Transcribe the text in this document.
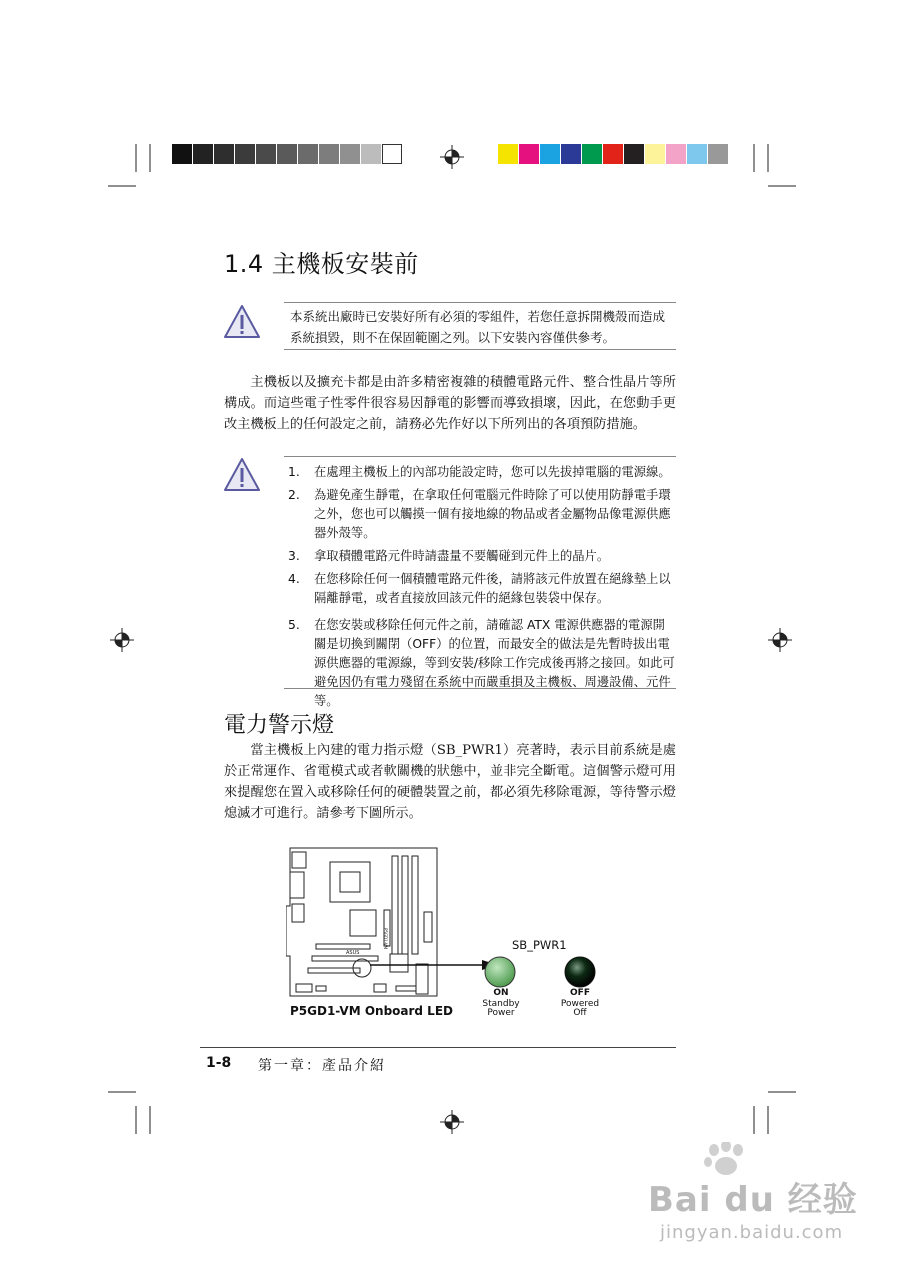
1.4 主機板安裝前
本系統出廠時已安裝好所有必須的零組件，若您任意拆開機殼而造成系統損毀，則不在保固範圍之列。以下安裝內容僅供參考。

主機板以及擴充卡都是由許多精密複雜的積體電路元件、整合性晶片等所構成。而這些電子性零件很容易因靜電的影響而導致損壞，因此，在您動手更改主機板上的任何設定之前，請務必先作好以下所列出的各項預防措施。

1. 在處理主機板上的內部功能設定時，您可以先拔掉電腦的電源線。
2. 為避免產生靜電，在拿取任何電腦元件時除了可以使用防靜電手環之外，您也可以觸摸一個有接地線的物品或者金屬物品像電源供應器外殼等。
3. 拿取積體電路元件時請盡量不要觸碰到元件上的晶片。
4. 在您移除任何一個積體電路元件後，請將該元件放置在絕緣墊上以隔離靜電，或者直接放回該元件的絕緣包裝袋中保存。
5. 在您安裝或移除任何元件之前，請確認 ATX 電源供應器的電源開關是切換到關閉（OFF）的位置，而最安全的做法是先暫時拔出電源供應器的電源線，等到安裝/移除工作完成後再將之接回。如此可避免因仍有電力殘留在系統中而嚴重損及主機板、周邊設備、元件等。
電力警示燈

當主機板上內建的電力指示燈（SB_PWR1）亮著時，表示目前系統是處於正常運作、省電模式或者軟關機的狀態中，並非完全斷電。這個警示燈可用來提醒您在置入或移除任何的硬體裝置之前，都必須先移除電源，等待警示燈熄滅才可進行。請參考下圖所示。

ASUS
P5GD1-VM	SB_PWR1
ON
Standby
Power
OFF
Powered
Off
P5GD1-VM Onboard LED
1-8 第一章：產品介紹
Bai du 经验
jingyan.baidu.com
